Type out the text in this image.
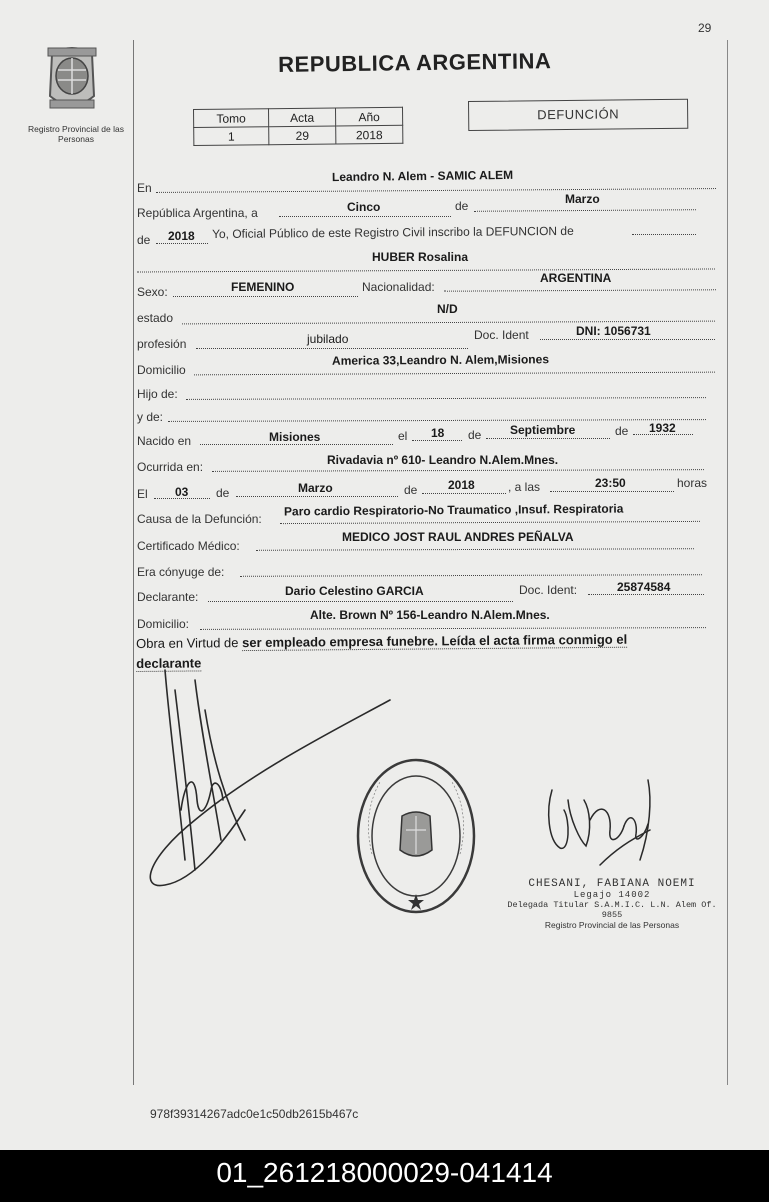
29
Registro Provincial de las Personas
REPUBLICA ARGENTINA
Tomo	Acta	Año
1	29	2018
DEFUNCIÓN
En
Leandro N. Alem - SAMIC ALEM
República Argentina, a	Cinco	de	Marzo
de 2018 Yo, Oficial Público de este Registro Civil inscribo la DEFUNCION de
HUBER Rosalina
Sexo:	FEMENINO	Nacionalidad:
ARGENTINA
estado
N/D
profesión	jubilado	Doc. Ident	DNI: 1056731
Domicilio
America 33,Leandro N. Alem,Misiones
Hijo de:
y de:
Nacido en	Misiones	el 18 de Septiembre	de 1932
Ocurrida en:	Rivadavia nº 610- Leandro N.Alem.Mnes.
El 03 de	Marzo	de	2018	, a las	23:50	horas
Causa de la Defunción:
Paro cardio Respiratorio-No Traumatico ,Insuf. Respiratoria
Certificado Médico:
MEDICO JOST RAUL ANDRES PEÑALVA
Era cónyuge de:
Declarante:	Dario Celestino GARCIA	Doc. Ident:	25874584
Domicilio:
Alte. Brown Nº 156-Leandro N.Alem.Mnes.
Obra en Virtud de ser empleado empresa funebre. Leída el acta firma conmigo el
declarante
CHESANI, FABIANA NOEMI
Legajo 14002
Delegada Titular S.A.M.I.C. L.N. Alem Of. 9855
Registro Provincial de las Personas
978f39314267adc0e1c50db2615b467c
01_261218000029-041414
